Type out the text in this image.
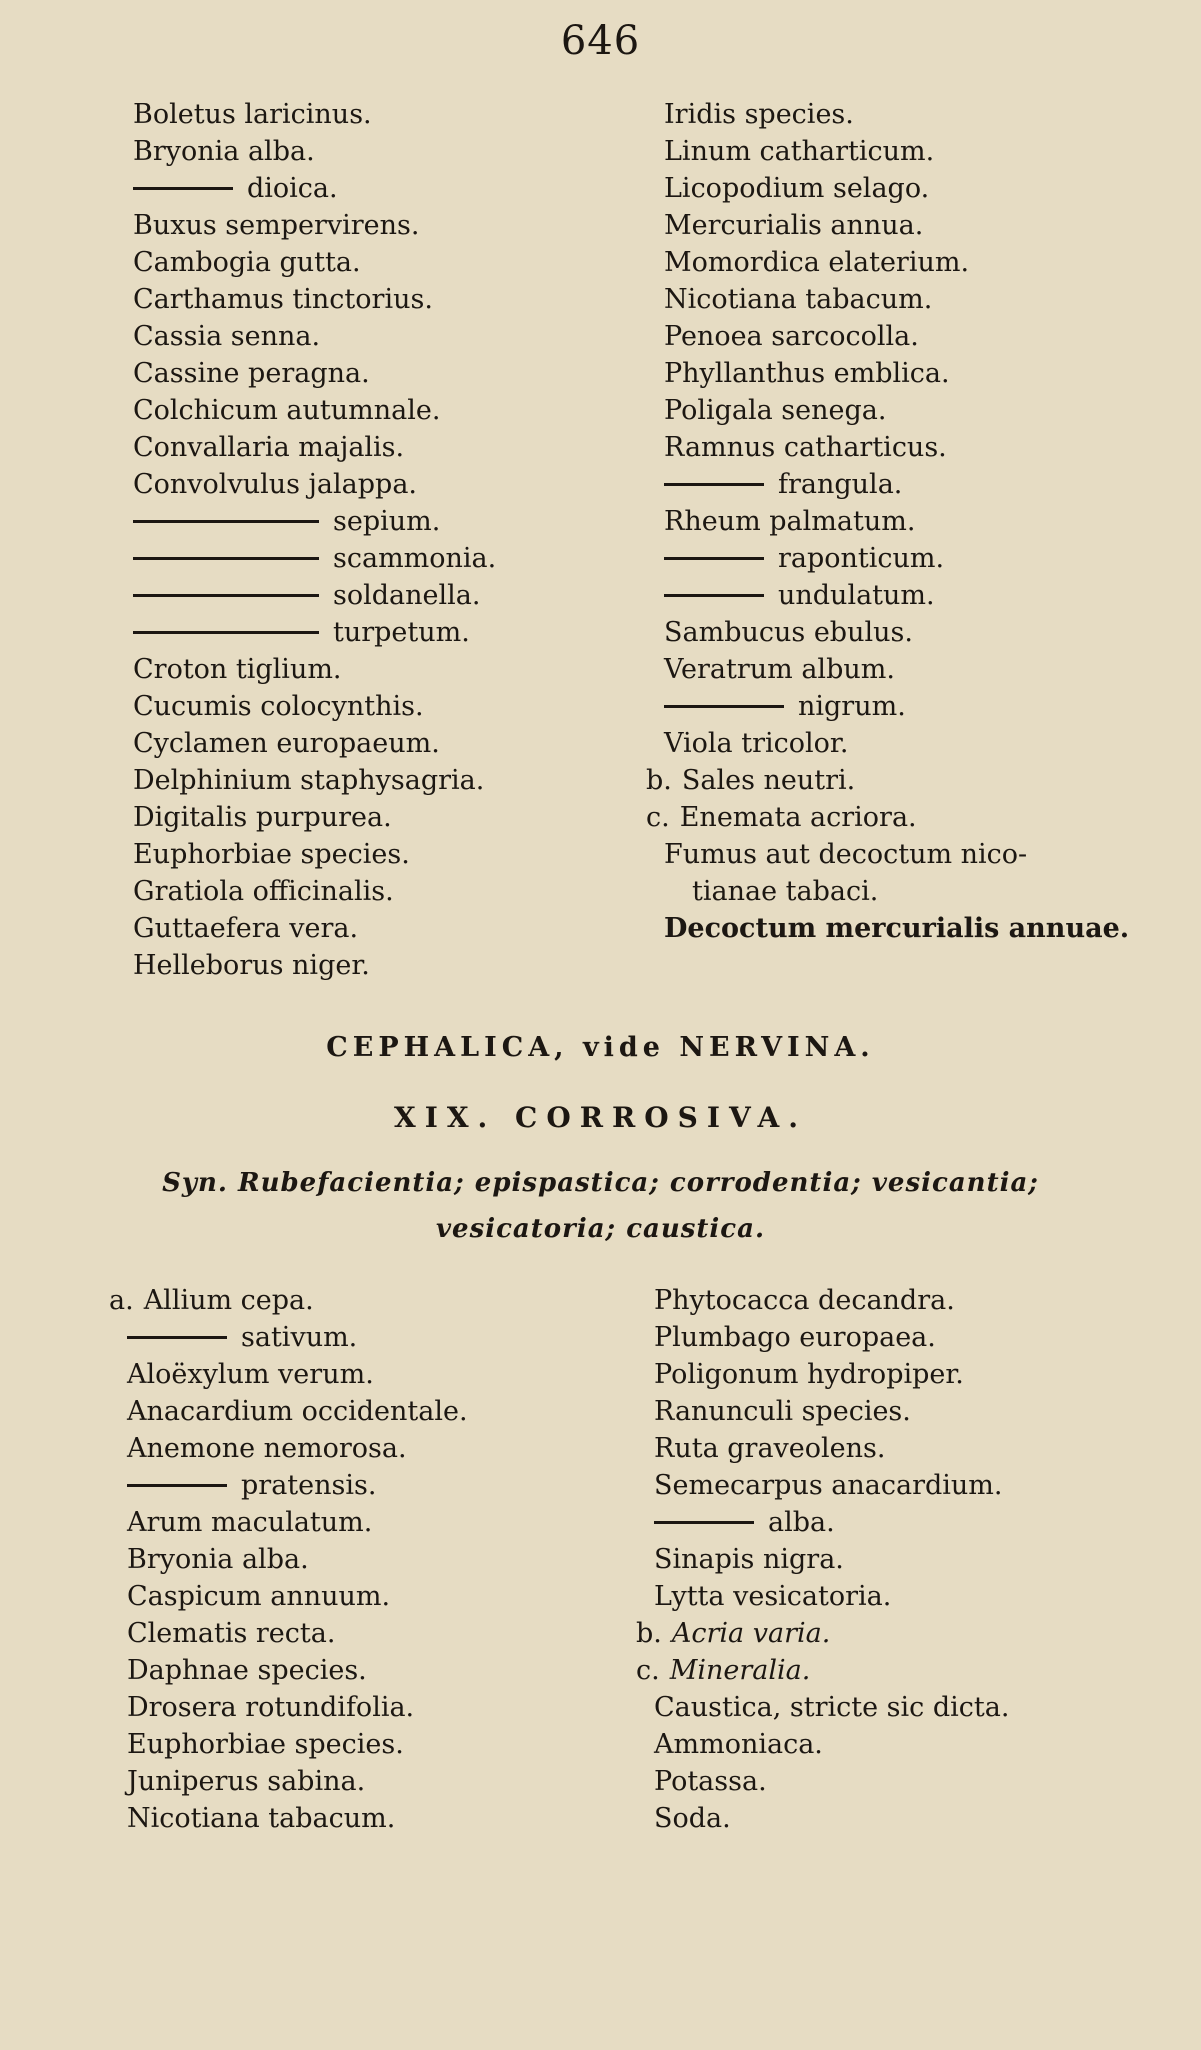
646
Boletus laricinus.
Bryonia alba.
dioica.
Buxus sempervirens.
Cambogia gutta.
Carthamus tinctorius.
Cassia senna.
Cassine peragna.
Colchicum autumnale.
Convallaria majalis.
Convolvulus jalappa.
sepium.
scammonia.
soldanella.
turpetum.
Croton tiglium.
Cucumis colocynthis.
Cyclamen europaeum.
Delphinium staphysagria.
Digitalis purpurea.
Euphorbiae species.
Gratiola officinalis.
Guttaefera vera.
Helleborus niger.
Iridis species.
Linum catharticum.
Licopodium selago.
Mercurialis annua.
Momordica elaterium.
Nicotiana tabacum.
Penoea sarcocolla.
Phyllanthus emblica.
Poligala senega.
Ramnus catharticus.
frangula.
Rheum palmatum.
raponticum.
undulatum.
Sambucus ebulus.
Veratrum album.
nigrum.
Viola tricolor.
b. Sales neutri.
c. Enemata acriora.
Fumus aut decoctum nico-
tianae tabaci.
Decoctum mercurialis annuae.
CEPHALICA, vide NERVINA.
XIX. CORROSIVA.
Syn. Rubefacientia; epispastica; corrodentia; vesicantia; vesicatoria; caustica.
a. Allium cepa.
sativum.
Aloëxylum verum.
Anacardium occidentale.
Anemone nemorosa.
pratensis.
Arum maculatum.
Bryonia alba.
Caspicum annuum.
Clematis recta.
Daphnae species.
Drosera rotundifolia.
Euphorbiae species.
Juniperus sabina.
Nicotiana tabacum.
Phytocacca decandra.
Plumbago europaea.
Poligonum hydropiper.
Ranunculi species.
Ruta graveolens.
Semecarpus anacardium.
alba.
Sinapis nigra.
Lytta vesicatoria.
b. Acria varia.
c. Mineralia.
Caustica, stricte sic dicta.
Ammoniaca.
Potassa.
Soda.
